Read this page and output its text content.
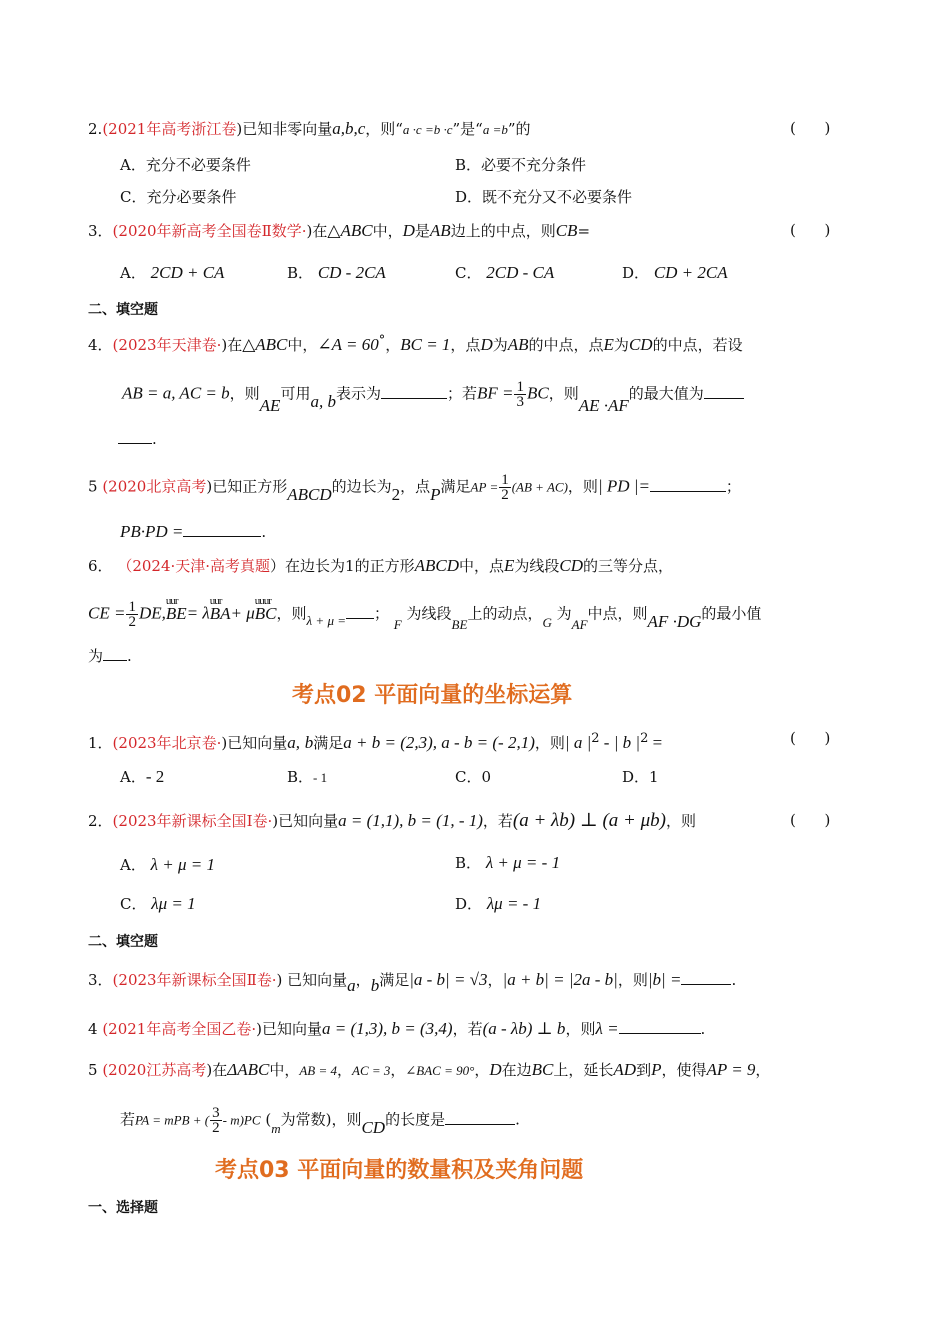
2.(2021年高考浙江卷)已知非零向量a,b,c，则“a ·c =b ·c”是“a =b”的	(      )
A．充分不必要条件	B．必要不充分条件
C．充分必要条件	D．既不充分又不必要条件
3．(2020年新高考全国卷Ⅱ数学·)在△ABC中，D是AB边上的中点，则CB=	(      )
A． 2CD + CA	B． CD - 2CA	C． 2CD - CA	D． CD + 2CA
二、填空题
4．(2023年天津卷·)在△ABC中，∠A = 60°，BC = 1，点D为AB的中点，点E为CD的中点，若设
AB = a, AC = b，则AE可用a, b表示为	；若BF = $\frac{1}{3}$ BC，则AE ·AF的最大值为
.
5 (2020北京高考)已知正方形ABCD的边长为2，点P满足AP = $\frac{1}{2} (AB + AC)$，则| PD |=	；
PB·PD =	.
6． （2024·天津·高考真题）在边长为1的正方形ABCD中，点E为线段CD的三等分点，
CE = $\frac{1}{2} DE,uur$ BE= λuur BA+ μuuur BC，则λ + μ = ； F 为线段BE上的动点，G 为AF中点，则AF ·DG的最小值
为 .
考点02 平面向量的坐标运算
1．(2023年北京卷·)已知向量a, b满足a + b = (2,3), a - b = (- 2,1)，则| a $|^2$ - | b $|^2$ =	(      )
A．- 2	B．- 1	C．0	D．1
2．(2023年新课标全国Ⅰ卷·)已知向量a = (1,1), b = (1, - 1)，若(a + λb) ⊥ (a + μb)，则	(      )
A． λ + μ = 1	B． λ + μ = - 1
C． λμ = 1	D． λμ = - 1
二、填空题
3．(2023年新课标全国Ⅱ卷·) 已知向量a，b满足|a - b| = √3，|a + b| = |2a - b|，则|b| =	.
4 (2021年高考全国乙卷·)已知向量a = (1,3), b = (3,4)，若(a - λb) ⊥ b，则λ =	.
5 (2020江苏高考)在ΔABC中，AB = 4，AC = 3，∠BAC = 90°，D在边BC上，延长AD到P，使得AP = 9，
若PA = mPB + ( $\frac{3}{2} - m)PC$ (m为常数)，则CD的长度是	.
考点03 平面向量的数量积及夹角问题
一、选择题
